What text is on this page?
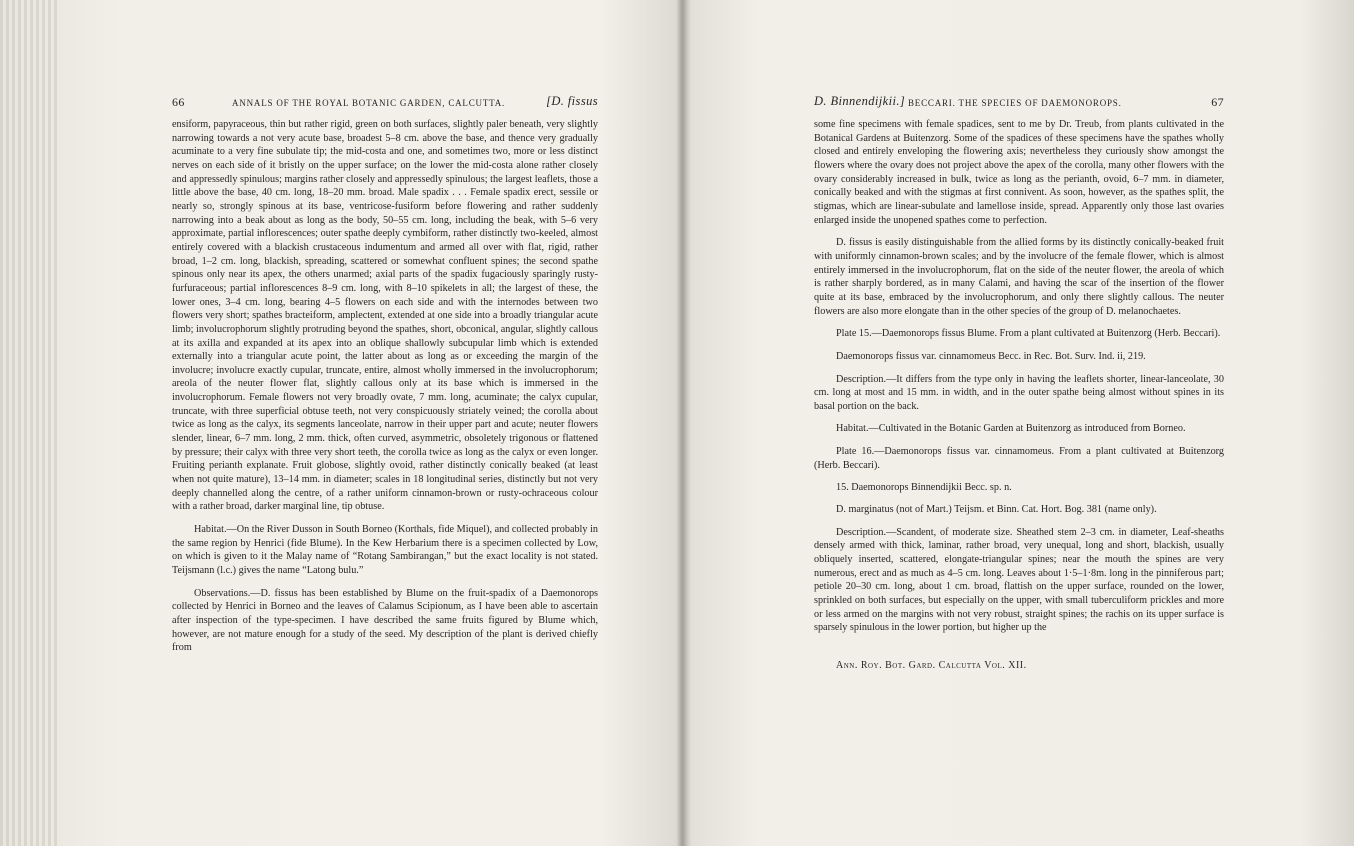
66	ANNALS OF THE ROYAL BOTANIC GARDEN, CALCUTTA.	[D. fissus

ensiform, papyraceous, thin but rather rigid, green on both surfaces, slightly paler beneath, very slightly narrowing towards a not very acute base, broadest 5–8 cm. above the base, and thence very gradually acuminate to a very fine subulate tip; the mid-costa and one, and sometimes two, more or less distinct nerves on each side of it bristly on the upper surface; on the lower the mid-costa alone rather closely and appressedly spinulous; margins rather closely and appressedly spinulous; the largest leaflets, those a little above the base, 40 cm. long, 18–20 mm. broad. Male spadix . . . Female spadix erect, sessile or nearly so, strongly spinous at its base, ventricose-fusiform before flowering and rather suddenly narrowing into a beak about as long as the body, 50–55 cm. long, including the beak, with 5–6 very approximate, partial inflorescences; outer spathe deeply cymbiform, rather distinctly two-keeled, almost entirely covered with a blackish crustaceous indumentum and armed all over with flat, rigid, rather broad, 1–2 cm. long, blackish, spreading, scattered or somewhat confluent spines; the second spathe spinous only near its apex, the others unarmed; axial parts of the spadix fugaciously sparingly rusty-furfuraceous; partial inflorescences 8–9 cm. long, with 8–10 spikelets in all; the largest of these, the lower ones, 3–4 cm. long, bearing 4–5 flowers on each side and with the internodes between two flowers very short; spathes bracteiform, amplectent, extended at one side into a broadly triangular acute limb; involucrophorum slightly protruding beyond the spathes, short, obconical, angular, slightly callous at its axilla and expanded at its apex into an oblique shallowly subcupular limb which is extended externally into a triangular acute point, the latter about as long as or exceeding the margin of the involucre; involucre exactly cupular, truncate, entire, almost wholly immersed in the involucrophorum; areola of the neuter flower flat, slightly callous only at its base which is immersed in the involucrophorum. Female flowers not very broadly ovate, 7 mm. long, acuminate; the calyx cupular, truncate, with three superficial obtuse teeth, not very conspicuously striately veined; the corolla about twice as long as the calyx, its segments lanceolate, narrow in their upper part and acute; neuter flowers slender, linear, 6–7 mm. long, 2 mm. thick, often curved, asymmetric, obsoletely trigonous or flattened by pressure; their calyx with three very short teeth, the corolla twice as long as the calyx or even longer. Fruiting perianth explanate. Fruit globose, slightly ovoid, rather distinctly conically beaked (at least when not quite mature), 13–14 mm. in diameter; scales in 18 longitudinal series, distinctly but not very deeply channelled along the centre, of a rather uniform cinnamon-brown or rusty-ochraceous colour with a rather broad, darker marginal line, tip obtuse.

Habitat.—On the River Dusson in South Borneo (Korthals, fide Miquel), and collected probably in the same region by Henrici (fide Blume). In the Kew Herbarium there is a specimen collected by Low, on which is given to it the Malay name of “Rotang Sambirangan,” but the exact locality is not stated. Teijsmann (l.c.) gives the name “Latong bulu.”

Observations.—D. fissus has been established by Blume on the fruit-spadix of a Daemonorops collected by Henrici in Borneo and the leaves of Calamus Scipionum, as I have been able to ascertain after inspection of the type-specimen. I have described the same fruits figured by Blume which, however, are not mature enough for a study of the seed. My description of the plant is derived chiefly from

D. Binnendijkii.] BECCARI. THE SPECIES OF DAEMONOROPS.	67

some fine specimens with female spadices, sent to me by Dr. Treub, from plants cultivated in the Botanical Gardens at Buitenzorg. Some of the spadices of these specimens have the spathes wholly closed and entirely enveloping the flowering axis; nevertheless they curiously show amongst the flowers where the ovary does not project above the apex of the corolla, many other flowers with the ovary considerably increased in bulk, twice as long as the perianth, ovoid, 6–7 mm. in diameter, conically beaked and with the stigmas at first connivent. As soon, however, as the spathes split, the stigmas, which are linear-subulate and lamellose inside, spread. Apparently only those last ovaries enlarged inside the unopened spathes come to perfection.

D. fissus is easily distinguishable from the allied forms by its distinctly conically-beaked fruit with uniformly cinnamon-brown scales; and by the involucre of the female flower, which is almost entirely immersed in the involucrophorum, flat on the side of the neuter flower, the areola of which is rather sharply bordered, as in many Calami, and having the scar of the insertion of the flower quite at its base, embraced by the involucrophorum, and only there slightly callous. The neuter flowers are also more elongate than in the other species of the group of D. melanochaetes.

Plate 15.—Daemonorops fissus Blume. From a plant cultivated at Buitenzorg (Herb. Beccari).

Daemonorops fissus var. cinnamomeus Becc. in Rec. Bot. Surv. Ind. ii, 219.

Description.—It differs from the type only in having the leaflets shorter, linear-lanceolate, 30 cm. long at most and 15 mm. in width, and in the outer spathe being almost without spines in its basal portion on the back.

Habitat.—Cultivated in the Botanic Garden at Buitenzorg as introduced from Borneo.

Plate 16.—Daemonorops fissus var. cinnamomeus. From a plant cultivated at Buitenzorg (Herb. Beccari).

15. Daemonorops Binnendijkii Becc. sp. n.

D. marginatus (not of Mart.) Teijsm. et Binn. Cat. Hort. Bog. 381 (name only).

Description.—Scandent, of moderate size. Sheathed stem 2–3 cm. in diameter, Leaf-sheaths densely armed with thick, laminar, rather broad, very unequal, long and short, blackish, usually obliquely inserted, scattered, elongate-triangular spines; near the mouth the spines are very numerous, erect and as much as 4–5 cm. long. Leaves about 1·5–1·8m. long in the pinniferous part; petiole 20–30 cm. long, about 1 cm. broad, flattish on the upper surface, rounded on the lower, sprinkled on both surfaces, but especially on the upper, with small tuberculiform prickles and more or less armed on the margins with not very robust, straight spines; the rachis on its upper surface is sparsely spinulous in the lower portion, but higher up the

Ann. Roy. Bot. Gard. Calcutta Vol. XII.
